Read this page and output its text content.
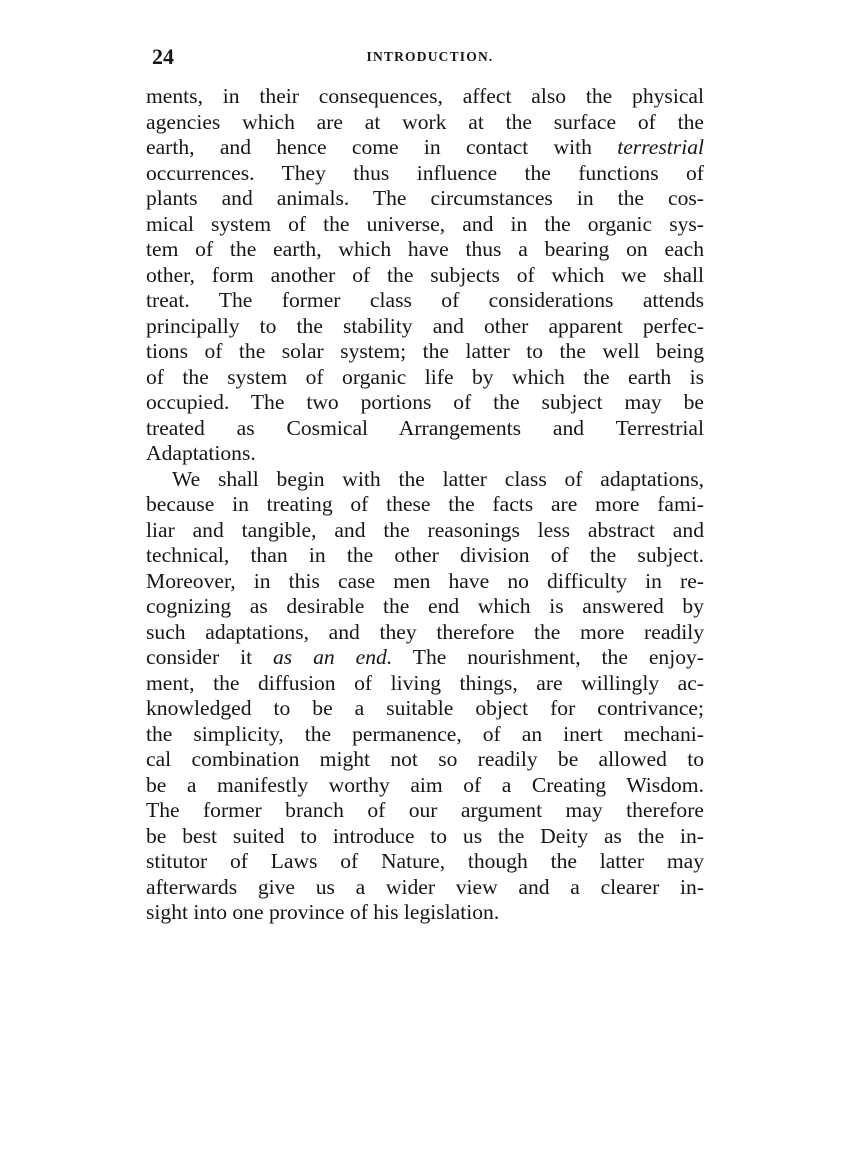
24	INTRODUCTION.
ments, in their consequences, affect also the physical
agencies which are at work at the surface of the
earth, and hence come in contact with terrestrial
occurrences. They thus influence the functions of
plants and animals. The circumstances in the cos-
mical system of the universe, and in the organic sys-
tem of the earth, which have thus a bearing on each
other, form another of the subjects of which we shall
treat. The former class of considerations attends
principally to the stability and other apparent perfec-
tions of the solar system; the latter to the well being
of the system of organic life by which the earth is
occupied. The two portions of the subject may be
treated as Cosmical Arrangements and Terrestrial
Adaptations.
We shall begin with the latter class of adaptations,
because in treating of these the facts are more fami-
liar and tangible, and the reasonings less abstract and
technical, than in the other division of the subject.
Moreover, in this case men have no difficulty in re-
cognizing as desirable the end which is answered by
such adaptations, and they therefore the more readily
consider it as an end. The nourishment, the enjoy-
ment, the diffusion of living things, are willingly ac-
knowledged to be a suitable object for contrivance;
the simplicity, the permanence, of an inert mechani-
cal combination might not so readily be allowed to
be a manifestly worthy aim of a Creating Wisdom.
The former branch of our argument may therefore
be best suited to introduce to us the Deity as the in-
stitutor of Laws of Nature, though the latter may
afterwards give us a wider view and a clearer in-
sight into one province of his legislation.
